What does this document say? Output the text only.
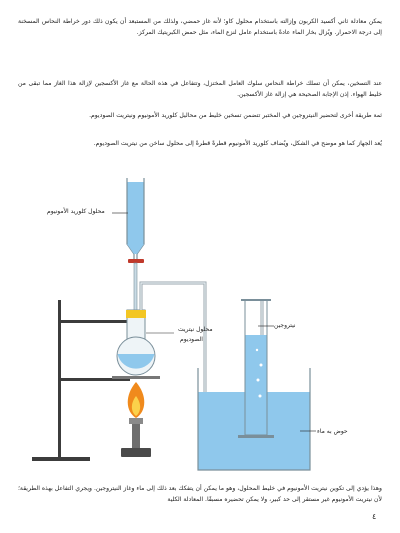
يمكن معادلة ثاني أكسيد الكربون وإزالته باستخدام محلول كاو؛ لأنه غاز حمضي، ولذلك من المستبعد أن يكون ذلك دور خراطة النحاس المسخنة إلى درجة الاحمرار. ويُزال بخار الماء عادةً باستخدام عامل لنزع الماء، مثل حمض الكبريتيك المركز.
عند التسخين، يمكن أن تسلك خراطة النحاس سلوك العامل المختزل، وتتفاعل في هذه الحالة مع غاز الأكسجين لإزالة هذا الغاز مما تبقى من خليط الهواء. إذن الإجابة الصحيحة هي إزالة غاز الأكسجين.
ثمة طريقة أخرى لتحضير النيتروجين في المختبر تتضمن تسخين خليط من محاليل كلوريد الأمونيوم ونيتريت الصوديوم.
يُعد الجهاز كما هو موضح في الشكل، ويُضاف كلوريد الأمونيوم قطرةً قطرةً إلى محلول ساخن من نيتريت الصوديوم.
محلول كلوريد الأمونيوم
محلول نيتريت
الصوديوم
نيتروجين
حوض به ماء
وهذا يؤدي إلى تكوين نيتريت الأمونيوم في خليط المحلول، وهو ما يمكن أن يتفكك بعد ذلك إلى ماء وغاز النيتروجين. ويجري التفاعل بهذه الطريقة؛ لأن نيتريت الأمونيوم غير مستقر إلى حد كبير، ولا يمكن تحضيره مسبقًا. المعادلة الكلية
٤
